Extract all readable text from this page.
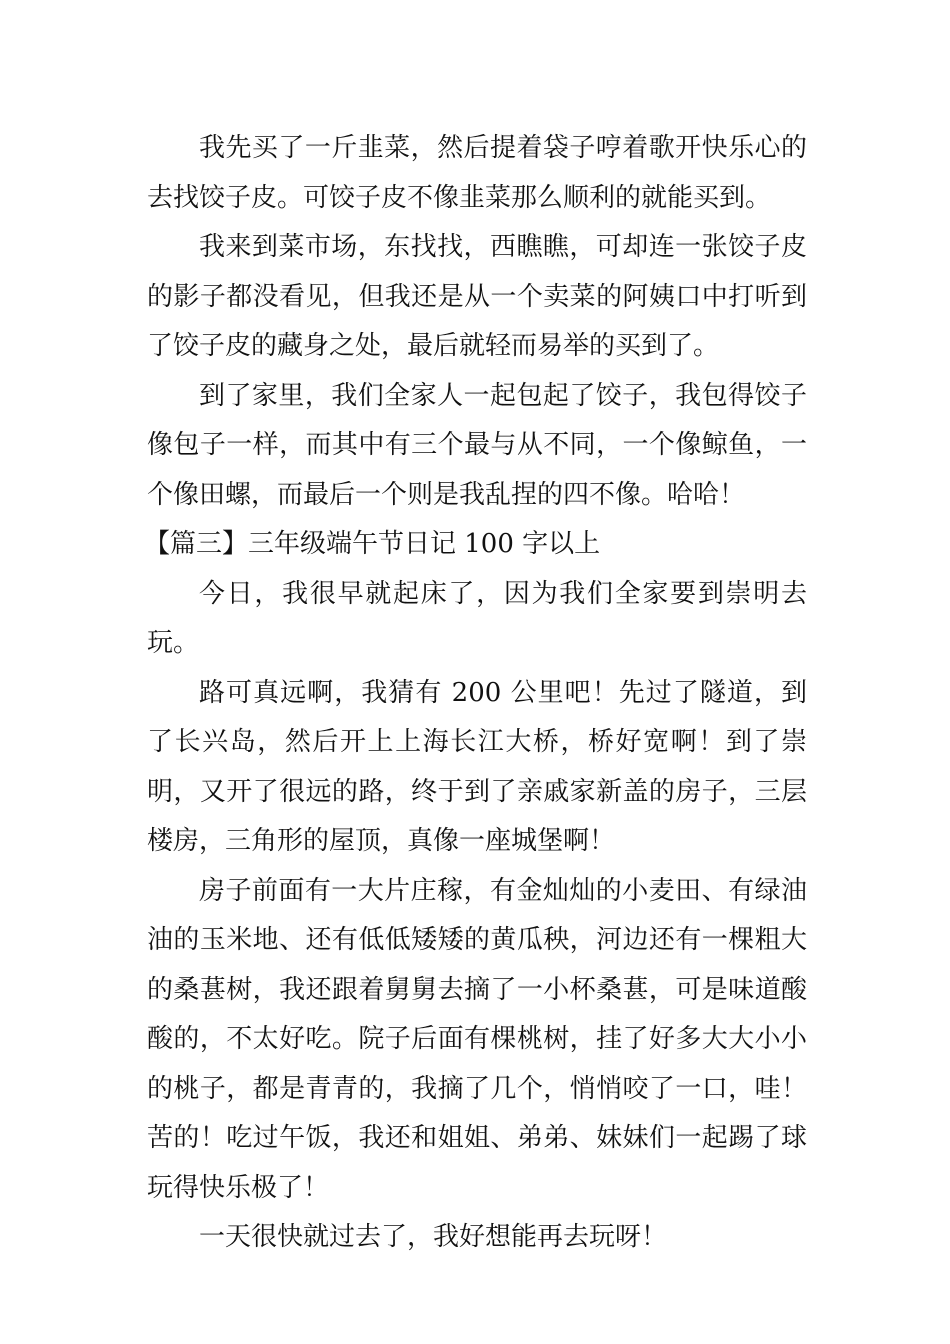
我先买了一斤韭菜，然后提着袋子哼着歌开快乐心的去找饺子皮。可饺子皮不像韭菜那么顺利的就能买到。

我来到菜市场，东找找，西瞧瞧，可却连一张饺子皮的影子都没看见，但我还是从一个卖菜的阿姨口中打听到了饺子皮的藏身之处，最后就轻而易举的买到了。

到了家里，我们全家人一起包起了饺子，我包得饺子像包子一样，而其中有三个最与从不同，一个像鲸鱼，一个像田螺，而最后一个则是我乱捏的四不像。哈哈！

【篇三】三年级端午节日记 100 字以上

今日，我很早就起床了，因为我们全家要到崇明去玩。

路可真远啊，我猜有 200 公里吧！先过了隧道，到了长兴岛，然后开上上海长江大桥，桥好宽啊！到了崇明，又开了很远的路，终于到了亲戚家新盖的房子，三层楼房，三角形的屋顶，真像一座城堡啊！

房子前面有一大片庄稼，有金灿灿的小麦田、有绿油油的玉米地、还有低低矮矮的黄瓜秧，河边还有一棵粗大的桑葚树，我还跟着舅舅去摘了一小杯桑葚，可是味道酸酸的，不太好吃。院子后面有棵桃树，挂了好多大大小小的桃子，都是青青的，我摘了几个，悄悄咬了一口，哇！苦的！吃过午饭，我还和姐姐、弟弟、妹妹们一起踢了球玩得快乐极了！

一天很快就过去了，我好想能再去玩呀！
